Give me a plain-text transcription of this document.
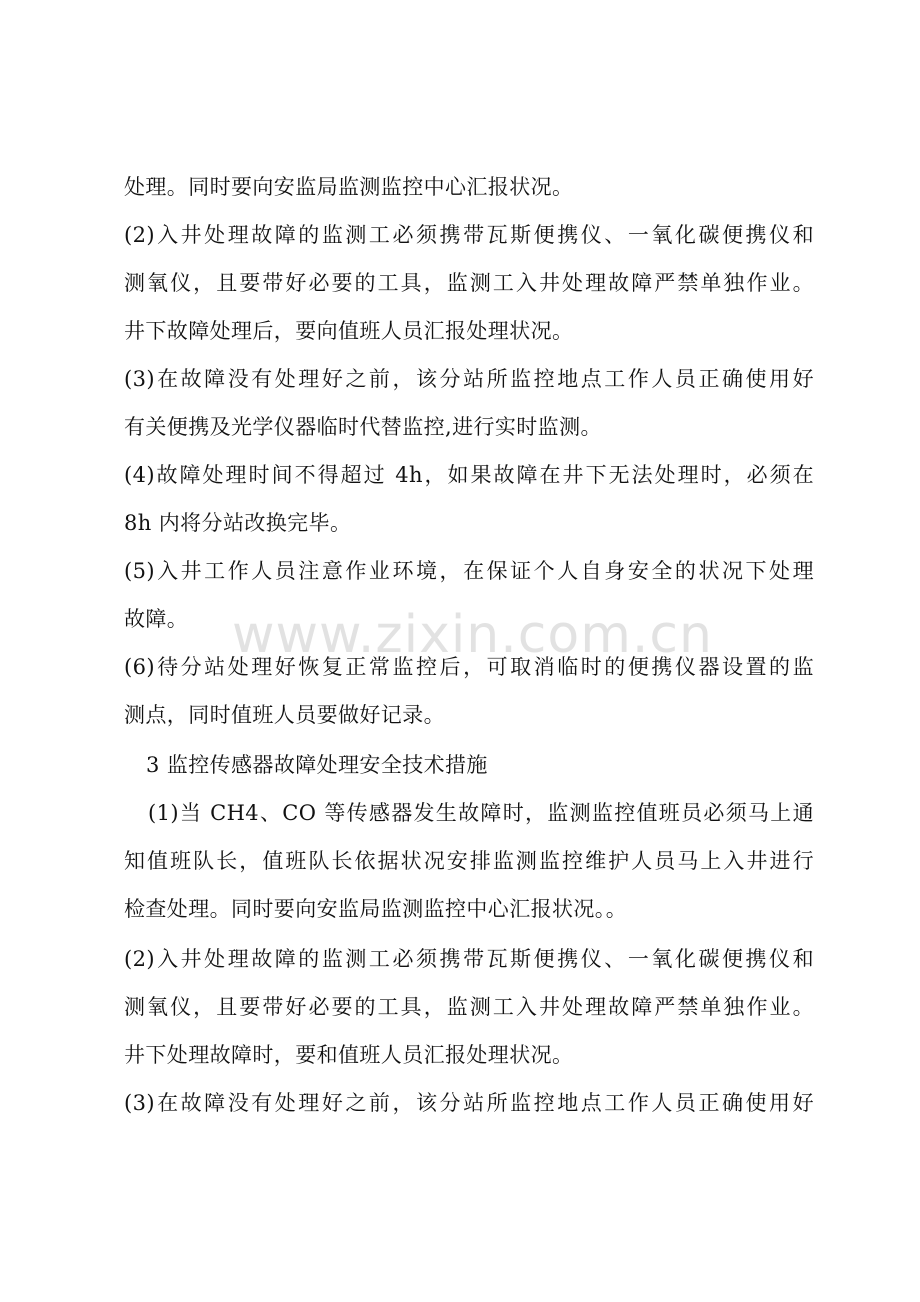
www.zixin.com.cn
处理。同时要向安监局监测监控中心汇报状况。
(2)入井处理故障的监测工必须携带瓦斯便携仪、一氧化碳便携仪和
测氧仪，且要带好必要的工具，监测工入井处理故障严禁单独作业。
井下故障处理后，要向值班人员汇报处理状况。
(3)在故障没有处理好之前，该分站所监控地点工作人员正确使用好
有关便携及光学仪器临时代替监控,进行实时监测。
(4)故障处理时间不得超过 4h，如果故障在井下无法处理时，必须在
8h 内将分站改换完毕。
(5)入井工作人员注意作业环境，在保证个人自身安全的状况下处理
故障。
(6)待分站处理好恢复正常监控后，可取消临时的便携仪器设置的监
测点，同时值班人员要做好记录。
3 监控传感器故障处理安全技术措施
(1)当 CH4、CO 等传感器发生故障时，监测监控值班员必须马上通
知值班队长，值班队长依据状况安排监测监控维护人员马上入井进行
检查处理。同时要向安监局监测监控中心汇报状况。。
(2)入井处理故障的监测工必须携带瓦斯便携仪、一氧化碳便携仪和
测氧仪，且要带好必要的工具，监测工入井处理故障严禁单独作业。
井下处理故障时，要和值班人员汇报处理状况。
(3)在故障没有处理好之前，该分站所监控地点工作人员正确使用好
